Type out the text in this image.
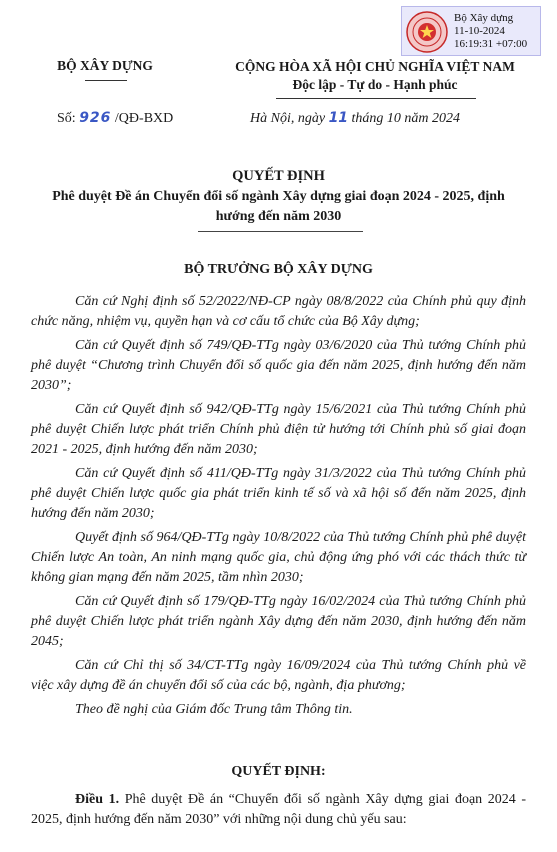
Bộ Xây dựng
11-10-2024
16:19:31 +07:00
BỘ XÂY DỰNG	CỘNG HÒA XÃ HỘI CHỦ NGHĨA VIỆT NAM
Độc lập - Tự do - Hạnh phúc
Số: 926 /QĐ-BXD	Hà Nội, ngày 11 tháng 10 năm 2024
QUYẾT ĐỊNH
Phê duyệt Đề án Chuyển đổi số ngành Xây dựng giai đoạn 2024 - 2025, định hướng đến năm 2030
BỘ TRƯỞNG BỘ XÂY DỰNG

Căn cứ Nghị định số 52/2022/NĐ-CP ngày 08/8/2022 của Chính phủ quy định chức năng, nhiệm vụ, quyền hạn và cơ cấu tổ chức của Bộ Xây dựng;

Căn cứ Quyết định số 749/QĐ-TTg ngày 03/6/2020 của Thủ tướng Chính phủ phê duyệt “Chương trình Chuyển đổi số quốc gia đến năm 2025, định hướng đến năm 2030”;

Căn cứ Quyết định số 942/QĐ-TTg ngày 15/6/2021 của Thủ tướng Chính phủ phê duyệt Chiến lược phát triển Chính phủ điện tử hướng tới Chính phủ số giai đoạn 2021 - 2025, định hướng đến năm 2030;

Căn cứ Quyết định số 411/QĐ-TTg ngày 31/3/2022 của Thủ tướng Chính phủ phê duyệt Chiến lược quốc gia phát triển kinh tế số và xã hội số đến năm 2025, định hướng đến năm 2030;

Quyết định số 964/QĐ-TTg ngày 10/8/2022 của Thủ tướng Chính phủ phê duyệt Chiến lược An toàn, An ninh mạng quốc gia, chủ động ứng phó với các thách thức từ không gian mạng đến năm 2025, tầm nhìn 2030;

Căn cứ Quyết định số 179/QĐ-TTg ngày 16/02/2024 của Thủ tướng Chính phủ phê duyệt Chiến lược phát triển ngành Xây dựng đến năm 2030, định hướng đến năm 2045;

Căn cứ Chỉ thị số 34/CT-TTg ngày 16/09/2024 của Thủ tướng Chính phủ về việc xây dựng đề án chuyển đổi số của các bộ, ngành, địa phương;

Theo đề nghị của Giám đốc Trung tâm Thông tin.

QUYẾT ĐỊNH:
Điều 1. Phê duyệt Đề án “Chuyển đổi số ngành Xây dựng giai đoạn 2024 - 2025, định hướng đến năm 2030” với những nội dung chủ yếu sau:
